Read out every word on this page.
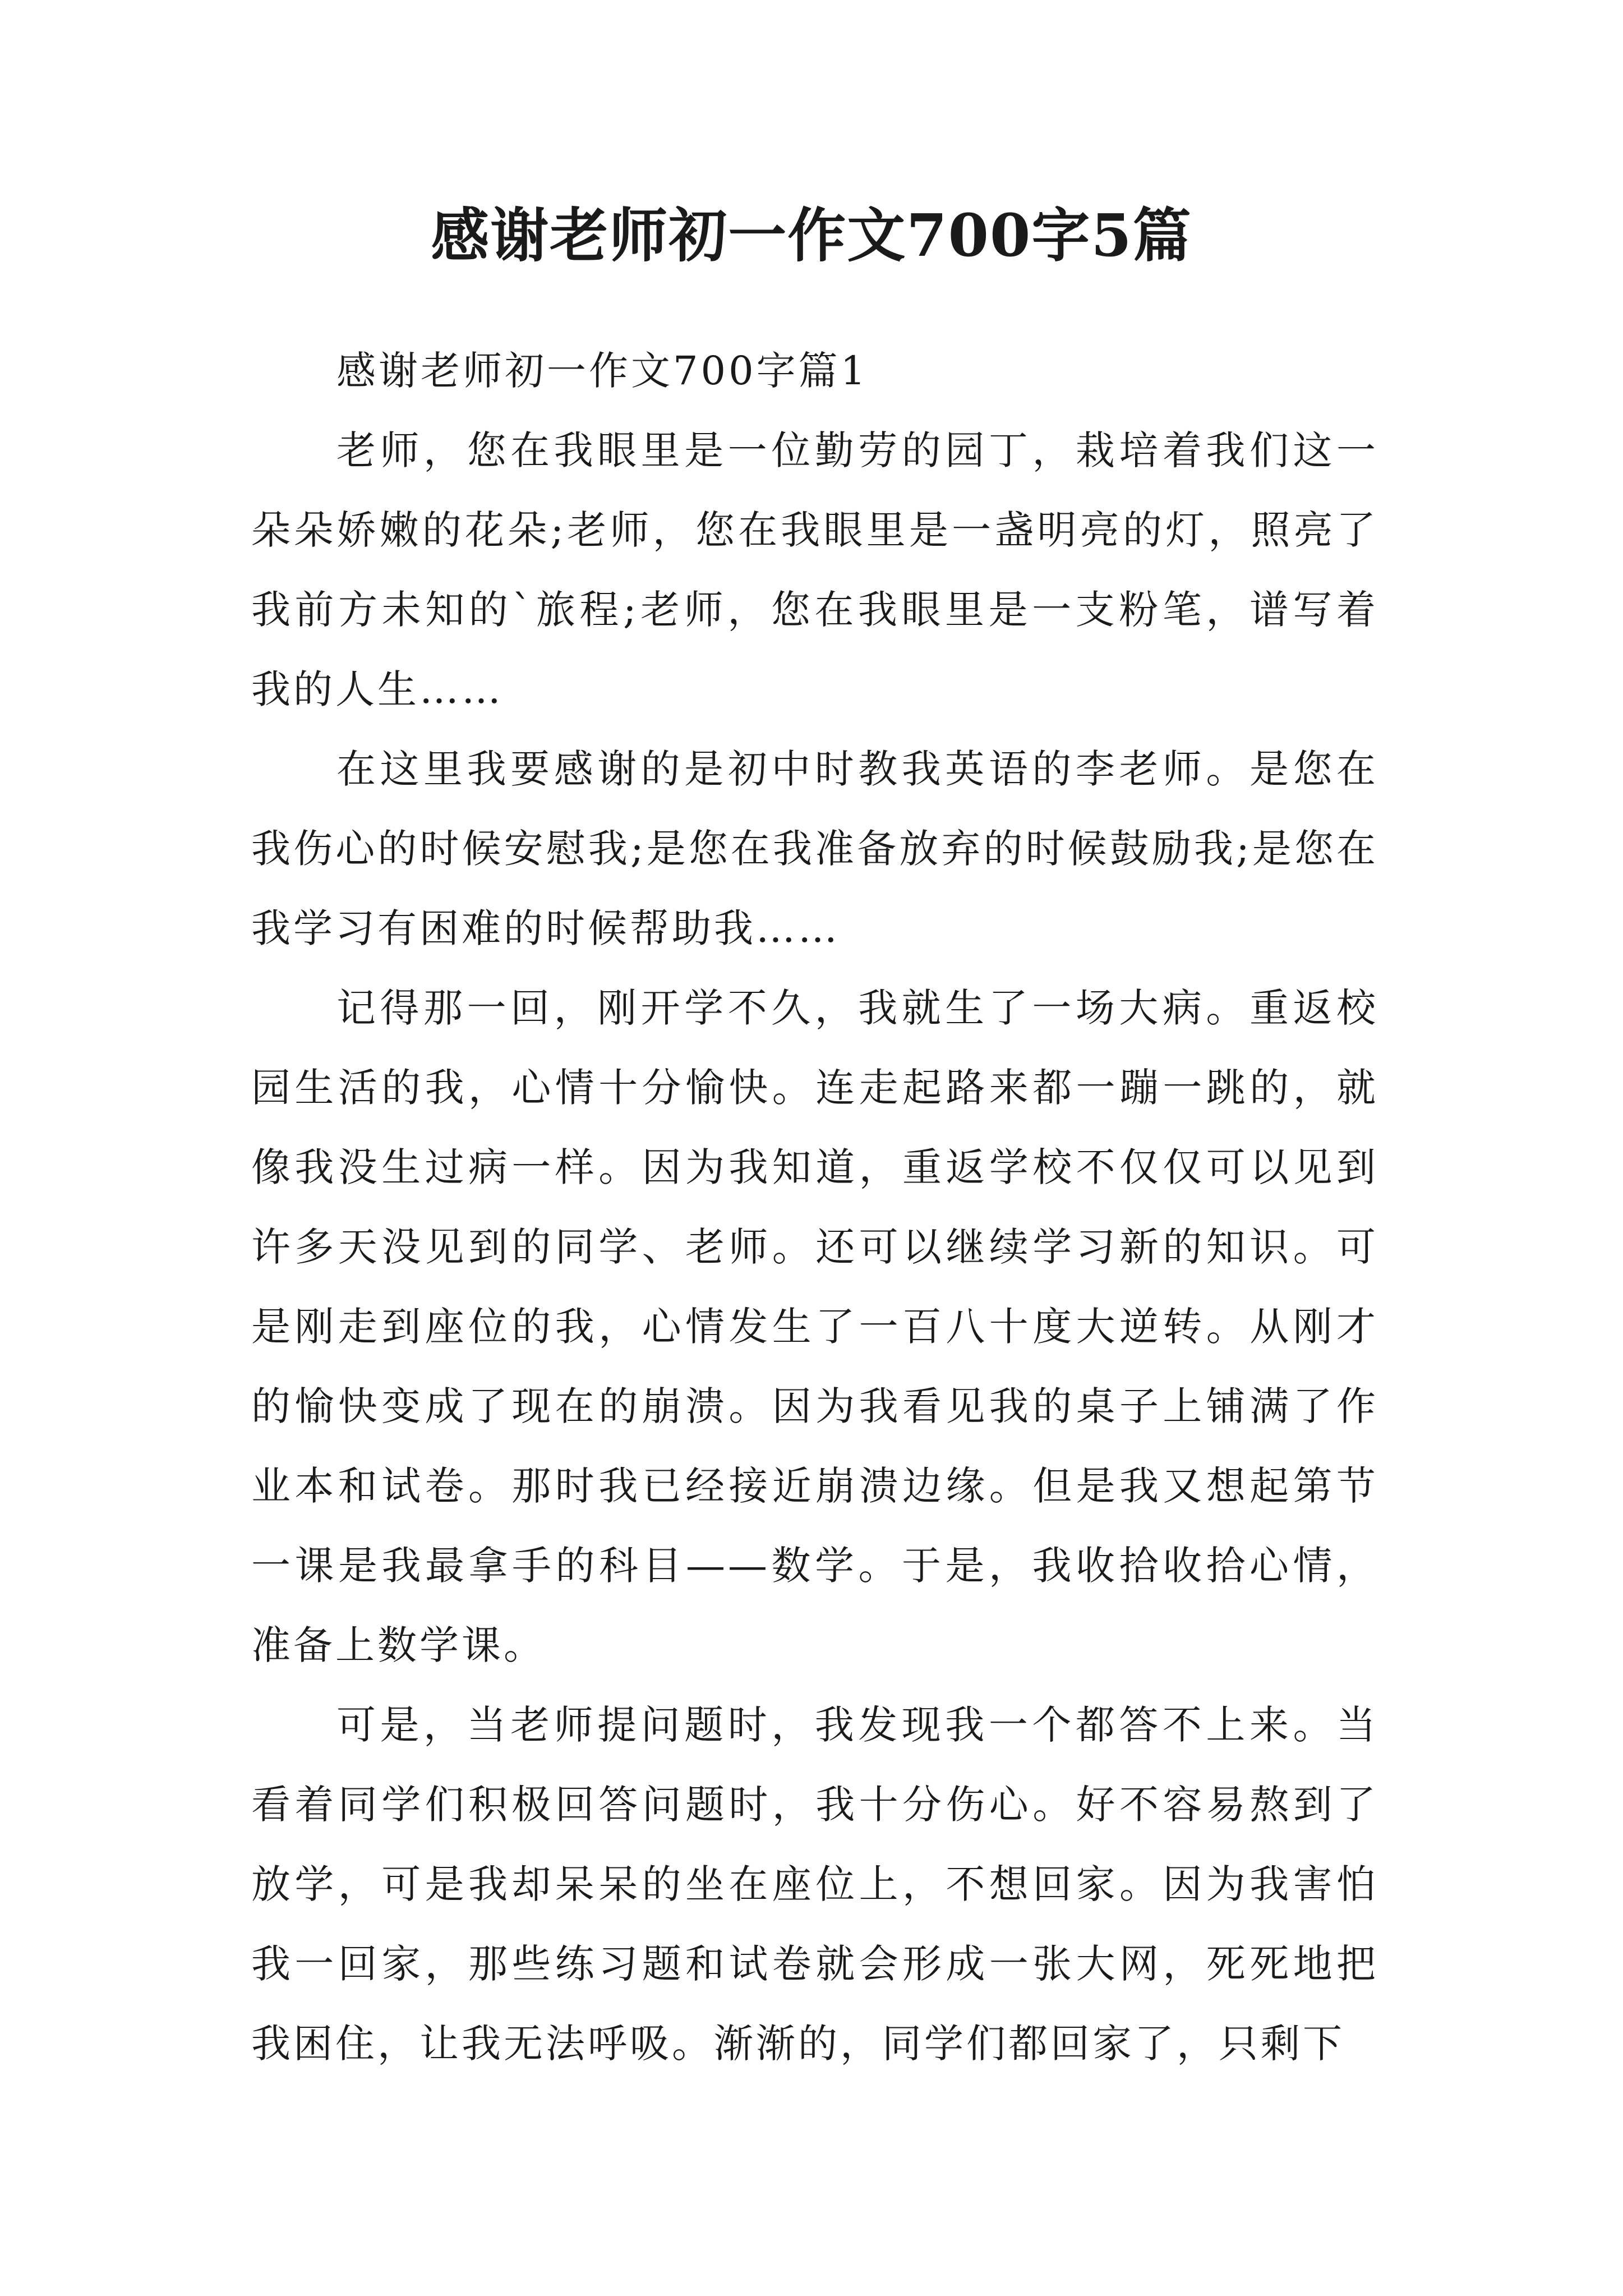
感谢老师初一作文700字5篇

感谢老师初一作文700字篇1

老师，您在我眼里是一位勤劳的园丁，栽培着我们这一朵朵娇嫩的花朵;老师，您在我眼里是一盏明亮的灯，照亮了我前方未知的`旅程;老师，您在我眼里是一支粉笔，谱写着我的人生……

在这里我要感谢的是初中时教我英语的李老师。是您在我伤心的时候安慰我;是您在我准备放弃的时候鼓励我;是您在我学习有困难的时候帮助我……

记得那一回，刚开学不久，我就生了一场大病。重返校园生活的我，心情十分愉快。连走起路来都一蹦一跳的，就像我没生过病一样。因为我知道，重返学校不仅仅可以见到许多天没见到的同学、老师。还可以继续学习新的知识。可是刚走到座位的我，心情发生了一百八十度大逆转。从刚才的愉快变成了现在的崩溃。因为我看见我的桌子上铺满了作业本和试卷。那时我已经接近崩溃边缘。但是我又想起第节一课是我最拿手的科目——数学。于是，我收拾收拾心情，准备上数学课。

可是，当老师提问题时，我发现我一个都答不上来。当看着同学们积极回答问题时，我十分伤心。好不容易熬到了放学，可是我却呆呆的坐在座位上，不想回家。因为我害怕我一回家，那些练习题和试卷就会形成一张大网，死死地把我困住，让我无法呼吸。渐渐的，同学们都回家了，只剩下
